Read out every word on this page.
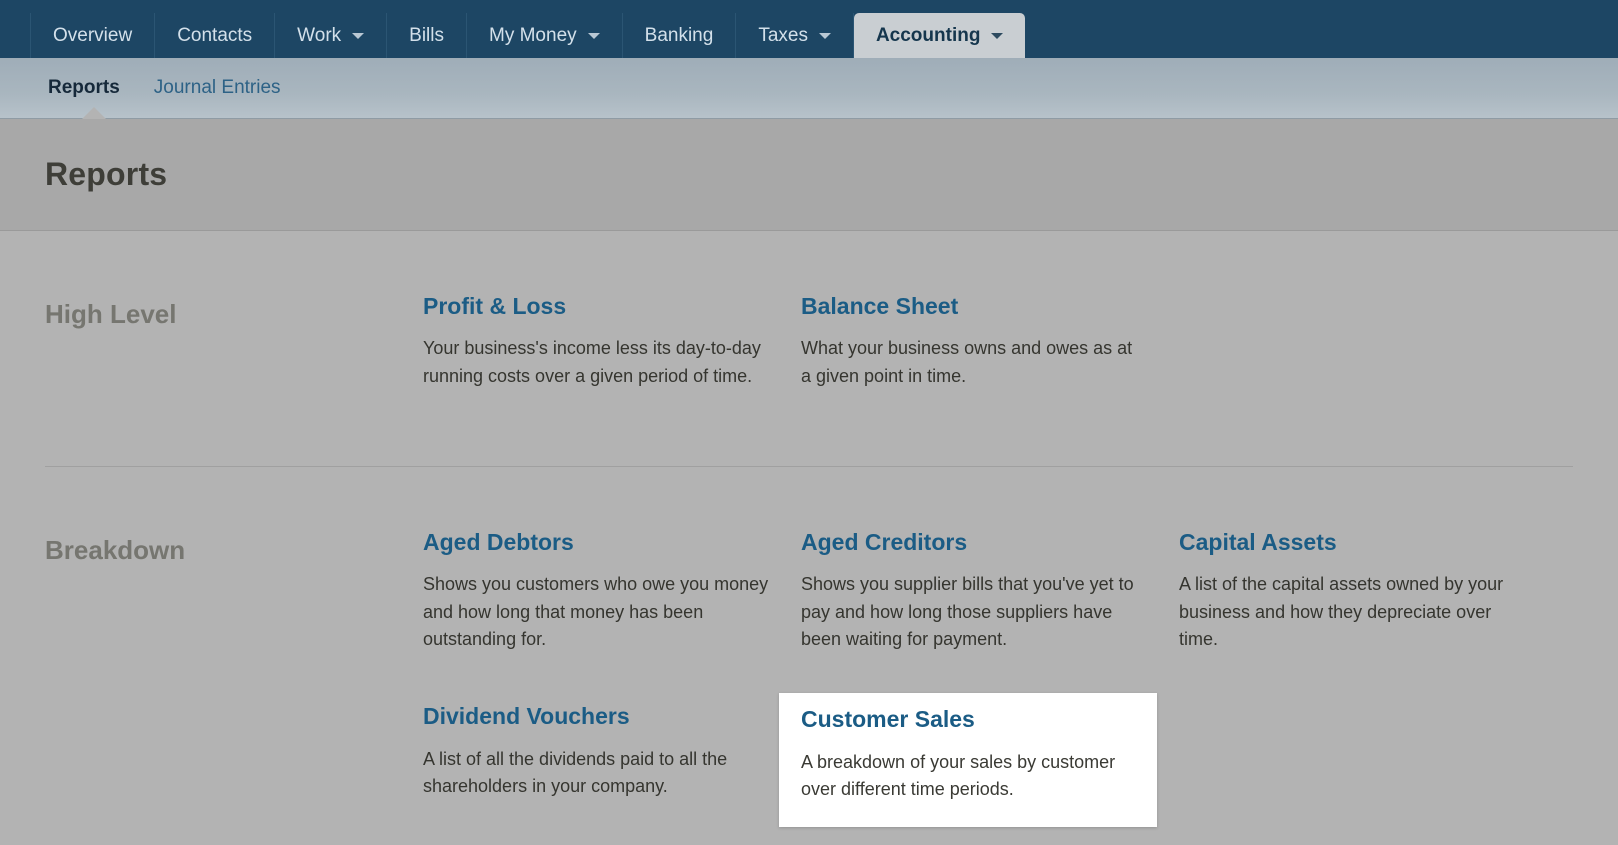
Overview Contacts Work	Bills My Money	Banking Taxes	Accounting
Reports Journal Entries
Reports
High Level	Profit & Loss
Your business's income less its day-to-day running costs over a given period of time.
Balance Sheet
What your business owns and owes as at a given point in time.
Breakdown	Aged Debtors
Shows you customers who owe you money and how long that money has been outstanding for.
Aged Creditors
Shows you supplier bills that you've yet to pay and how long those suppliers have been waiting for payment.
Capital Assets
A list of the capital assets owned by your business and how they depreciate over time.
Dividend Vouchers
A list of all the dividends paid to all the shareholders in your company.
Customer Sales
A breakdown of your sales by customer over different time periods.
